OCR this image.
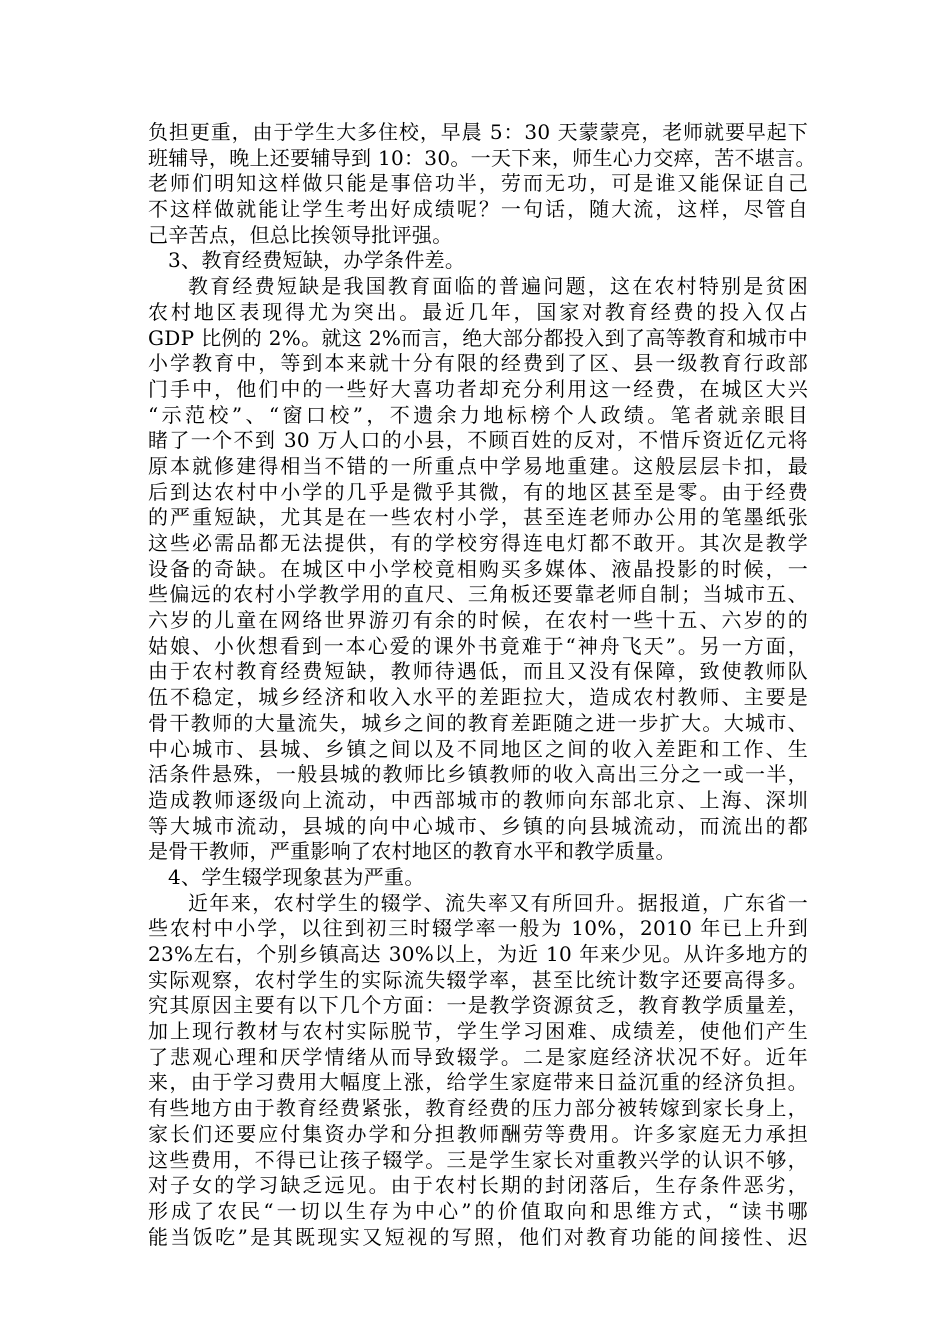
负担更重，由于学生大多住校，早晨 5：30 天蒙蒙亮，老师就要早起下
班辅导，晚上还要辅导到 10：30。一天下来，师生心力交瘁，苦不堪言。
老师们明知这样做只能是事倍功半，劳而无功，可是谁又能保证自己
不这样做就能让学生考出好成绩呢？一句话，随大流，这样，尽管自
己辛苦点，但总比挨领导批评强。
3、教育经费短缺，办学条件差。
教育经费短缺是我国教育面临的普遍问题，这在农村特别是贫困
农村地区表现得尤为突出。最近几年，国家对教育经费的投入仅占
GDP 比例的 2%。就这 2%而言，绝大部分都投入到了高等教育和城市中
小学教育中，等到本来就十分有限的经费到了区、县一级教育行政部
门手中，他们中的一些好大喜功者却充分利用这一经费，在城区大兴
“示范校”、“窗口校”，不遗余力地标榜个人政绩。笔者就亲眼目
睹了一个不到 30 万人口的小县，不顾百姓的反对，不惜斥资近亿元将
原本就修建得相当不错的一所重点中学易地重建。这般层层卡扣，最
后到达农村中小学的几乎是微乎其微，有的地区甚至是零。由于经费
的严重短缺，尤其是在一些农村小学，甚至连老师办公用的笔墨纸张
这些必需品都无法提供，有的学校穷得连电灯都不敢开。其次是教学
设备的奇缺。在城区中小学校竟相购买多媒体、液晶投影的时候，一
些偏远的农村小学教学用的直尺、三角板还要靠老师自制；当城市五、
六岁的儿童在网络世界游刃有余的时候，在农村一些十五、六岁的的
姑娘、小伙想看到一本心爱的课外书竟难于“神舟飞天”。另一方面，
由于农村教育经费短缺，教师待遇低，而且又没有保障，致使教师队
伍不稳定，城乡经济和收入水平的差距拉大，造成农村教师、主要是
骨干教师的大量流失，城乡之间的教育差距随之进一步扩大。大城市、
中心城市、县城、乡镇之间以及不同地区之间的收入差距和工作、生
活条件悬殊，一般县城的教师比乡镇教师的收入高出三分之一或一半，
造成教师逐级向上流动，中西部城市的教师向东部北京、上海、深圳
等大城市流动，县城的向中心城市、乡镇的向县城流动，而流出的都
是骨干教师，严重影响了农村地区的教育水平和教学质量。
4、学生辍学现象甚为严重。
近年来，农村学生的辍学、流失率又有所回升。据报道，广东省一
些农村中小学，以往到初三时辍学率一般为 10%，2010 年已上升到
23%左右，个别乡镇高达 30%以上，为近 10 年来少见。从许多地方的
实际观察，农村学生的实际流失辍学率，甚至比统计数字还要高得多。
究其原因主要有以下几个方面：一是教学资源贫乏，教育教学质量差，
加上现行教材与农村实际脱节，学生学习困难、成绩差，使他们产生
了悲观心理和厌学情绪从而导致辍学。二是家庭经济状况不好。近年
来，由于学习费用大幅度上涨，给学生家庭带来日益沉重的经济负担。
有些地方由于教育经费紧张，教育经费的压力部分被转嫁到家长身上，
家长们还要应付集资办学和分担教师酬劳等费用。许多家庭无力承担
这些费用，不得已让孩子辍学。三是学生家长对重教兴学的认识不够，
对子女的学习缺乏远见。由于农村长期的封闭落后，生存条件恶劣，
形成了农民“一切以生存为中心”的价值取向和思维方式，“读书哪
能当饭吃”是其既现实又短视的写照，他们对教育功能的间接性、迟
